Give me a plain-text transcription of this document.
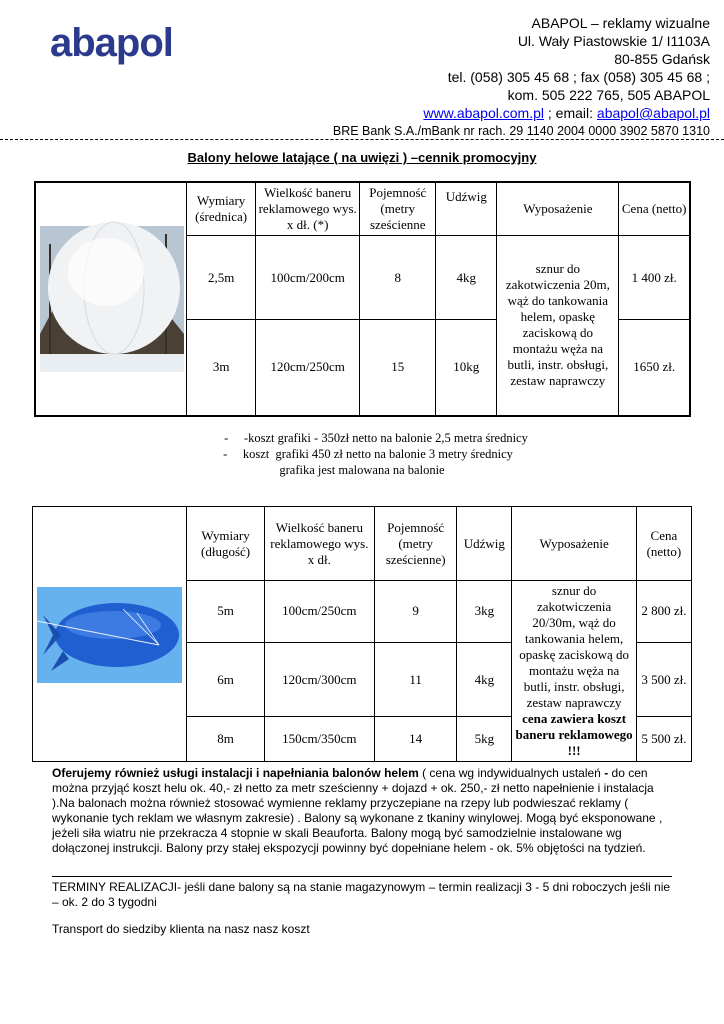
abapol	ABAPOL – reklamy wizualne
Ul. Wały Piastowskie 1/ I1103A
80-855 Gdańsk
tel. (058) 305 45 68 ; fax (058) 305 45 68 ;
kom. 505 222 765, 505 ABAPOL
www.abapol.com.pl ; email: abapol@abapol.pl
BRE Bank S.A./mBank nr rach. 29 1140 2004 0000 3902 5870 1310
Balony helowe latające ( na uwięzi ) –cennik promocyjny
	Wymiary (średnica)	Wielkość baneru reklamowego wys. x dł. (*)	Pojemność (metry sześcienne	Udźwig	Wyposażenie	Cena (netto)
	2,5m	100cm/200cm	8	4kg	sznur do zakotwiczenia 20m, wąż do tankowania helem, opaskę zaciskową do montażu węża na butli, instr. obsługi, zestaw naprawczy	1 400 zł.
	3m	120cm/250cm	15	10kg		1650 zł.
-     -koszt grafiki - 350zł netto na balonie 2,5 metra średnicy
-     koszt  grafiki 450 zł netto na balonie 3 metry średnicy
grafika jest malowana na balonie
	Wymiary (długość)	Wielkość baneru reklamowego wys. x dł.	Pojemność (metry sześcienne)	Udźwig	Wyposażenie	Cena (netto)
	5m	100cm/250cm	9	3kg	sznur do zakotwiczenia 20/30m, wąż do tankowania helem, opaskę zaciskową do montażu węża na butli, instr. obsługi, zestaw naprawczy
cena zawiera koszt baneru reklamowego !!!	2 800 zł.
	6m	120cm/300cm	11	4kg		3 500 zł.
	8m	150cm/350cm	14	5kg		5 500 zł.
Oferujemy również usługi instalacji i napełniania balonów helem ( cena wg indywidualnych ustaleń - do cen można przyjąć koszt helu ok. 40,- zł netto za metr sześcienny + dojazd + ok. 250,- zł netto napełnienie i instalacja ).Na balonach można również stosować wymienne reklamy przyczepiane na rzepy lub podwieszać reklamy ( wykonanie tych reklam we własnym zakresie) . Balony są wykonane z tkaniny winylowej. Mogą być eksponowane , jeżeli siła wiatru nie przekracza 4 stopnie w skali Beauforta. Balony mogą być samodzielnie instalowane wg dołączonej instrukcji. Balony przy stałej ekspozycji powinny być dopełniane helem - ok. 5% objętości na tydzień.
TERMINY REALIZACJI- jeśli dane balony są na stanie magazynowym – termin realizacji 3 - 5 dni roboczych jeśli nie – ok. 2 do 3 tygodni
Transport do siedziby klienta na nasz nasz koszt
